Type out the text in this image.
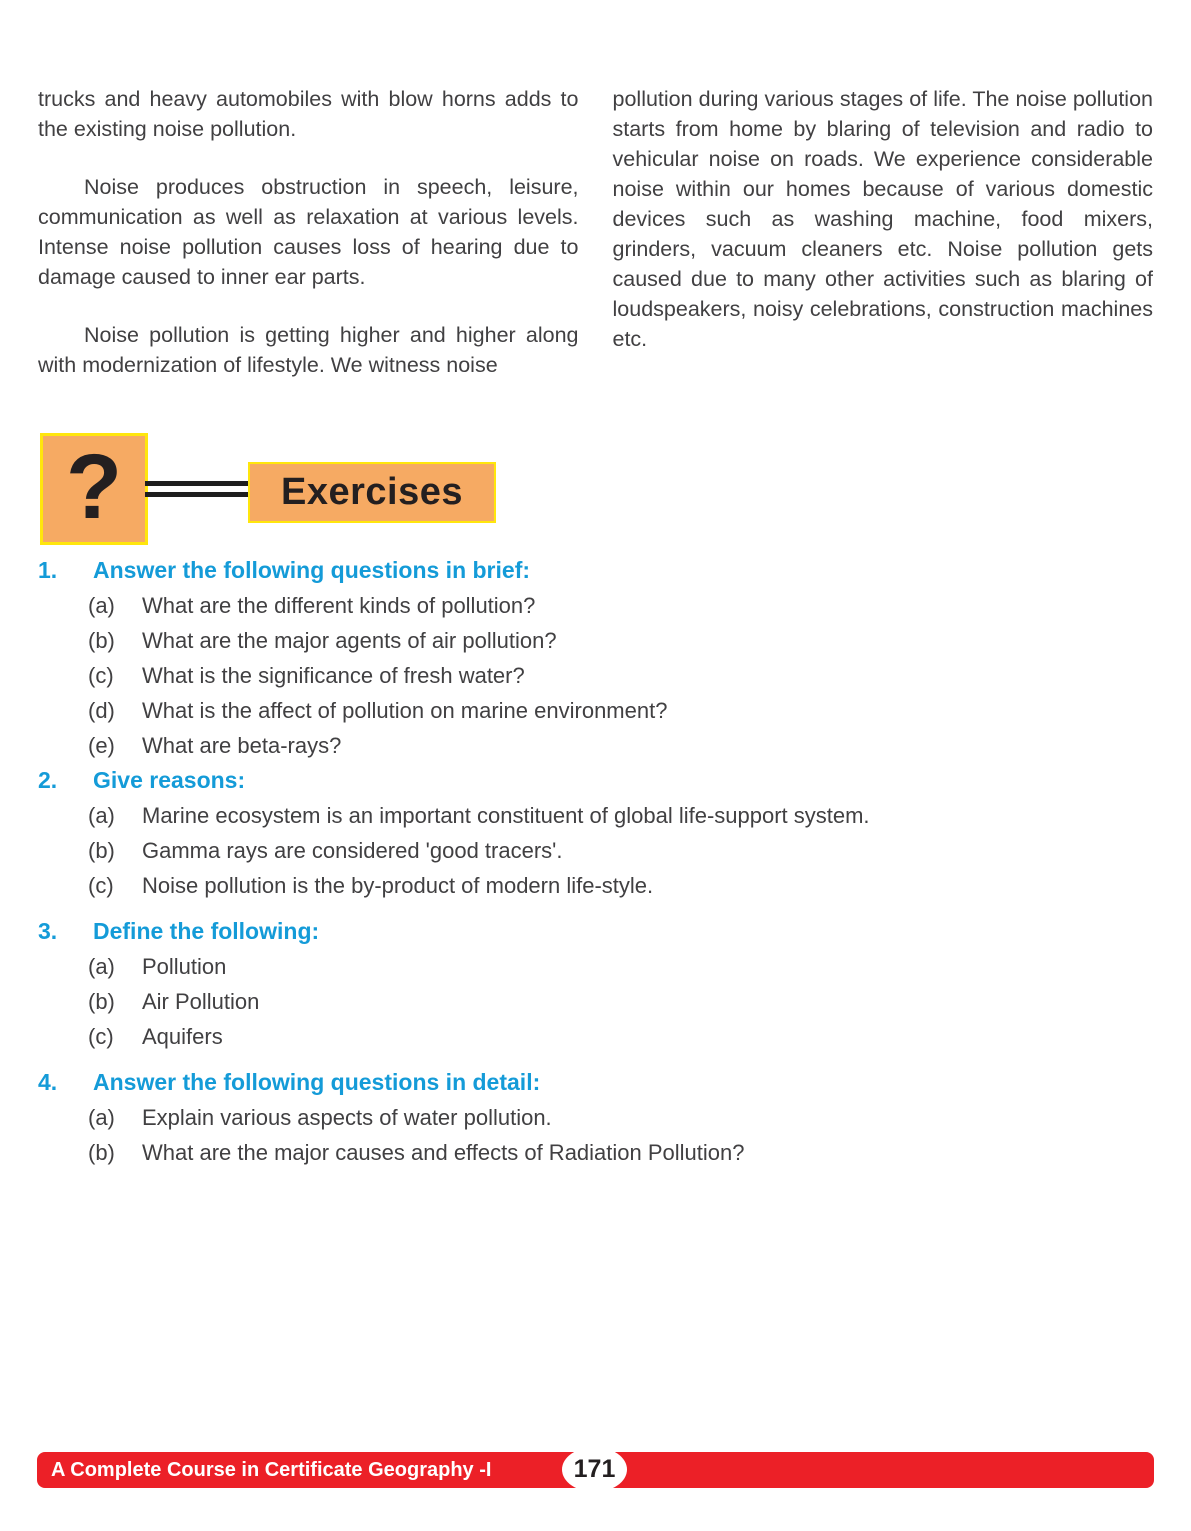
trucks and heavy automobiles with blow horns adds to the existing noise pollution.

Noise produces obstruction in speech, leisure, communication as well as relaxation at various levels. Intense noise pollution causes loss of hearing due to damage caused to inner ear parts.

Noise pollution is getting higher and higher along with modernization of lifestyle. We witness noise

pollution during various stages of life. The noise pollution starts from home by blaring of television and radio to vehicular noise on roads. We experience considerable noise within our homes because of various domestic devices such as washing machine, food mixers, grinders, vacuum cleaners etc. Noise pollution gets caused due to many other activities such as blaring of loudspeakers, noisy celebrations, construction machines etc.

?	Exercises
1.	Answer the following questions in brief:
(a)	What are the different kinds of pollution?
(b)	What are the major agents of air pollution?
(c)	What is the significance of fresh water?
(d)	What is the affect of pollution on marine environment?
(e)	What are beta-rays?
2.	Give reasons:
(a)	Marine ecosystem is an important constituent of global life-support system.
(b)	Gamma rays are considered 'good tracers'.
(c)	Noise pollution is the by-product of modern life-style.
3.	Define the following:
(a)	Pollution
(b)	Air Pollution
(c)	Aquifers
4.	Answer the following questions in detail:
(a)	Explain various aspects of water pollution.
(b)	What are the major causes and effects of Radiation Pollution?
A Complete Course in Certificate Geography -I	171
